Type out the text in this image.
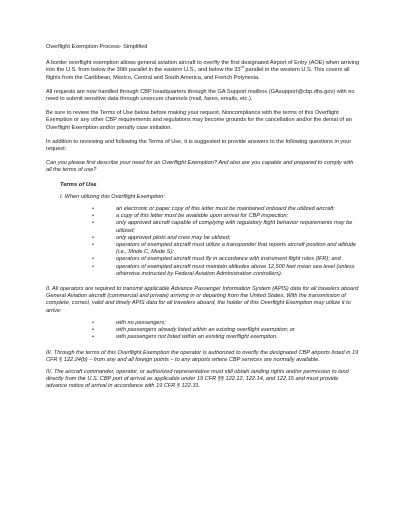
Overflight Exemption Process- Simplified

A border overflight exemption allows general aviation aircraft to overfly the first designated Airport of Entry (AOE) when arriving into the U.S. from below the 30th parallel in the eastern U.S., and below the 33rd parallel in the western U.S. This covers all flights from the Caribbean, Mexico, Central and South America, and French Polynesia.

All requests are now handled through CBP headquarters through the GA Support mailbox (GAsupport@cbp.dhs.gov) with no need to submit sensitive data through unsecure channels (mail, faxes, emails, etc.).

Be sure to review the Terms of Use below before making your request. Noncompliance with the terms of this Overflight Exemption or any other CBP requirements and regulations may become grounds for the cancellation and/or the denial of an Overflight Exemption and/or penalty case initiation.

In addition to reviewing and following the Terms of Use, it is suggested to provide answers to the following questions in your request:

Can you please first describe your need for an Overflight Exemption? And also are you capable and prepared to comply with all the terms of use?

Terms of Use

I. When utilizing this Overflight Exemption:

• an electronic or paper copy of this letter must be maintained onboard the utilized aircraft;
• a copy of this letter must be available upon arrival for CBP inspection;
• only approved aircraft capable of complying with regulatory flight behavior requirements may be utilized;
• only approved pilots and crew may be utilized;
• operators of exempted aircraft must utilize a transponder that reports aircraft position and altitude (i.e., Mode C, Mode S);
• operators of exempted aircraft must fly in accordance with instrument flight rules (IFR); and
• operators of exempted aircraft must maintain altitudes above 12,500 feet mean sea level (unless otherwise instructed by Federal Aviation Administration controllers).

II. All operators are required to transmit applicable Advance Passenger Information System (APIS) data for all travelers aboard General Aviation aircraft (commercial and private) arriving in or departing from the United States. With the transmission of complete, correct, valid and timely APIS data for all travelers aboard, the holder of this Overflight Exemption may utilize it to arrive:

• with no passengers;
• with passengers already listed within an existing overflight exemption; or
• with passengers not listed within an existing overflight exemption.

III. Through the terms of this Overflight Exemption the operator is authorized to overfly the designated CBP airports listed in 19 CFR § 122.24(b) – from any and all foreign points – to any airports where CBP services are normally available.

IV. The aircraft commander, operator, or authorized representative must still obtain landing rights and/or permission to land directly from the U.S. CBP port of arrival as applicable under 19 CFR §§ 122.12, 122.14, and 122.15 and must provide advance notice of arrival in accordance with 19 CFR § 122.31.
